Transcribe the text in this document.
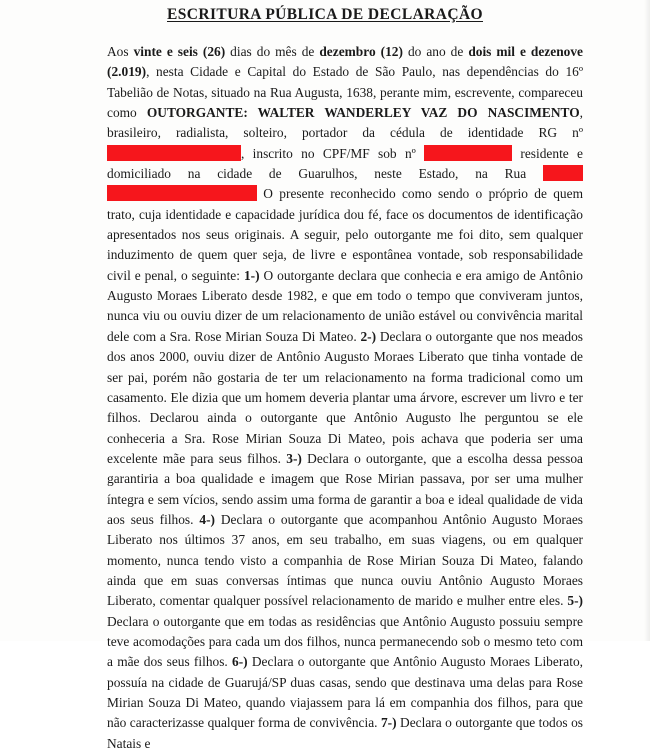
ESCRITURA PÚBLICA DE DECLARAÇÃO
Aos vinte e seis (26) dias do mês de dezembro (12) do ano de dois mil e dezenove (2.019), nesta Cidade e Capital do Estado de São Paulo, nas dependências do 16º Tabelião de Notas, situado na Rua Augusta, 1638, perante mim, escrevente, compareceu como OUTORGANTE: WALTER WANDERLEY VAZ DO NASCIMENTO, brasileiro, radialista, solteiro, portador da cédula de identidade RG nº, inscrito no CPF/MF sob nº	residente e domiciliado na cidade de Guarulhos, neste Estado, na Rua   O presente reconhecido como sendo o próprio de quem trato, cuja identidade e capacidade jurídica dou fé, face os documentos de identificação apresentados nos seus originais. A seguir, pelo outorgante me foi dito, sem qualquer induzimento de quem quer seja, de livre e espontânea vontade, sob responsabilidade civil e penal, o seguinte: 1-) O outorgante declara que conhecia e era amigo de Antônio Augusto Moraes Liberato desde 1982, e que em todo o tempo que conviveram juntos, nunca viu ou ouviu dizer de um relacionamento de união estável ou convivência marital dele com a Sra. Rose Mirian Souza Di Mateo. 2-) Declara o outorgante que nos meados dos anos 2000, ouviu dizer de Antônio Augusto Moraes Liberato que tinha vontade de ser pai, porém não gostaria de ter um relacionamento na forma tradicional como um casamento. Ele dizia que um homem deveria plantar uma árvore, escrever um livro e ter filhos. Declarou ainda o outorgante que Antônio Augusto lhe perguntou se ele conheceria a Sra. Rose Mirian Souza Di Mateo, pois achava que poderia ser uma excelente mãe para seus filhos. 3-) Declara o outorgante, que a escolha dessa pessoa garantiria a boa qualidade e imagem que Rose Mirian passava, por ser uma mulher íntegra e sem vícios, sendo assim uma forma de garantir a boa e ideal qualidade de vida aos seus filhos. 4-) Declara o outorgante que acompanhou Antônio Augusto Moraes Liberato nos últimos 37 anos, em seu trabalho, em suas viagens, ou em qualquer momento, nunca tendo visto a companhia de Rose Mirian Souza Di Mateo, falando ainda que em suas conversas íntimas que nunca ouviu Antônio Augusto Moraes Liberato, comentar qualquer possível relacionamento de marido e mulher entre eles. 5-) Declara o outorgante que em todas as residências que Antônio Augusto possuiu sempre teve acomodações para cada um dos filhos, nunca permanecendo sob o mesmo teto com a mãe dos seus filhos. 6-) Declara o outorgante que Antônio Augusto Moraes Liberato, possuía na cidade de Guarujá/SP duas casas, sendo que destinava uma delas para Rose Mirian Souza Di Mateo, quando viajassem para lá em companhia dos filhos, para que não caracterizasse qualquer forma de convivência. 7-) Declara o outorgante que todos os Natais e
